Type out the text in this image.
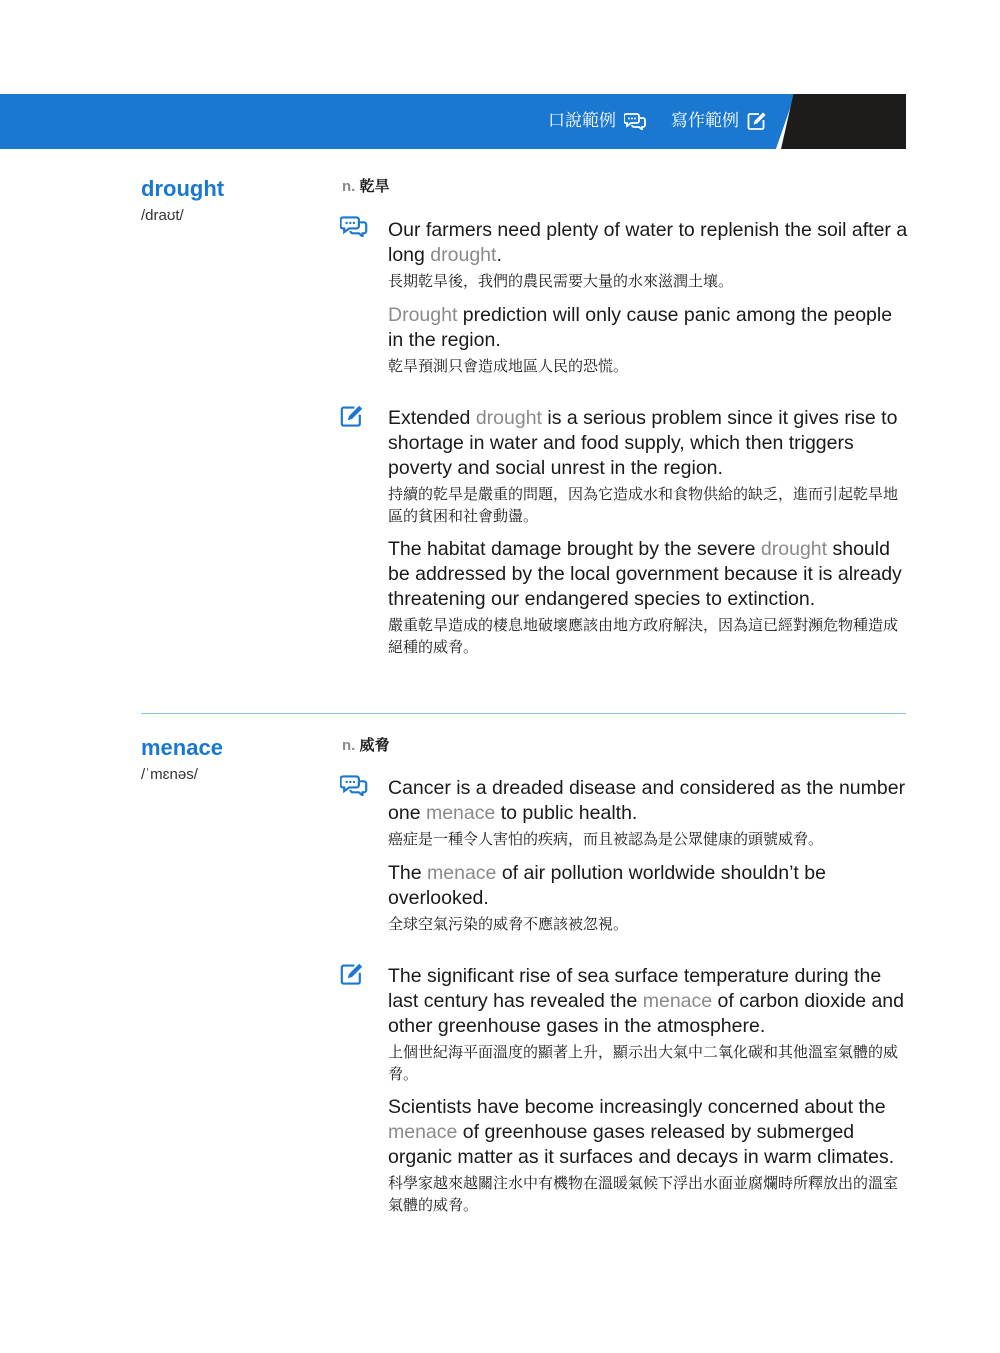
口說範例	寫作範例
drought
/draʊt/
n. 乾旱
Our farmers need plenty of water to replenish the soil after a long drought.
長期乾旱後，我們的農民需要大量的水來滋潤土壤。
Drought prediction will only cause panic among the people in the region.
乾旱預測只會造成地區人民的恐慌。
Extended drought is a serious problem since it gives rise to shortage in water and food supply, which then triggers poverty and social unrest in the region.
持續的乾旱是嚴重的問題，因為它造成水和食物供給的缺乏，進而引起乾旱地區的貧困和社會動盪。
The habitat damage brought by the severe drought should be addressed by the local government because it is already threatening our endangered species to extinction.
嚴重乾旱造成的棲息地破壞應該由地方政府解決，因為這已經對瀕危物種造成絕種的威脅。
menace
/ˈmɛnəs/
n. 威脅
Cancer is a dreaded disease and considered as the number one menace to public health.
癌症是一種令人害怕的疾病，而且被認為是公眾健康的頭號威脅。
The menace of air pollution worldwide shouldn’t be overlooked.
全球空氣污染的威脅不應該被忽視。
The significant rise of sea surface temperature during the last century has revealed the menace of carbon dioxide and other greenhouse gases in the atmosphere.
上個世紀海平面溫度的顯著上升，顯示出大氣中二氧化碳和其他溫室氣體的威脅。
Scientists have become increasingly concerned about the menace of greenhouse gases released by submerged organic matter as it surfaces and decays in warm climates.
科學家越來越關注水中有機物在溫暖氣候下浮出水面並腐爛時所釋放出的溫室氣體的威脅。
